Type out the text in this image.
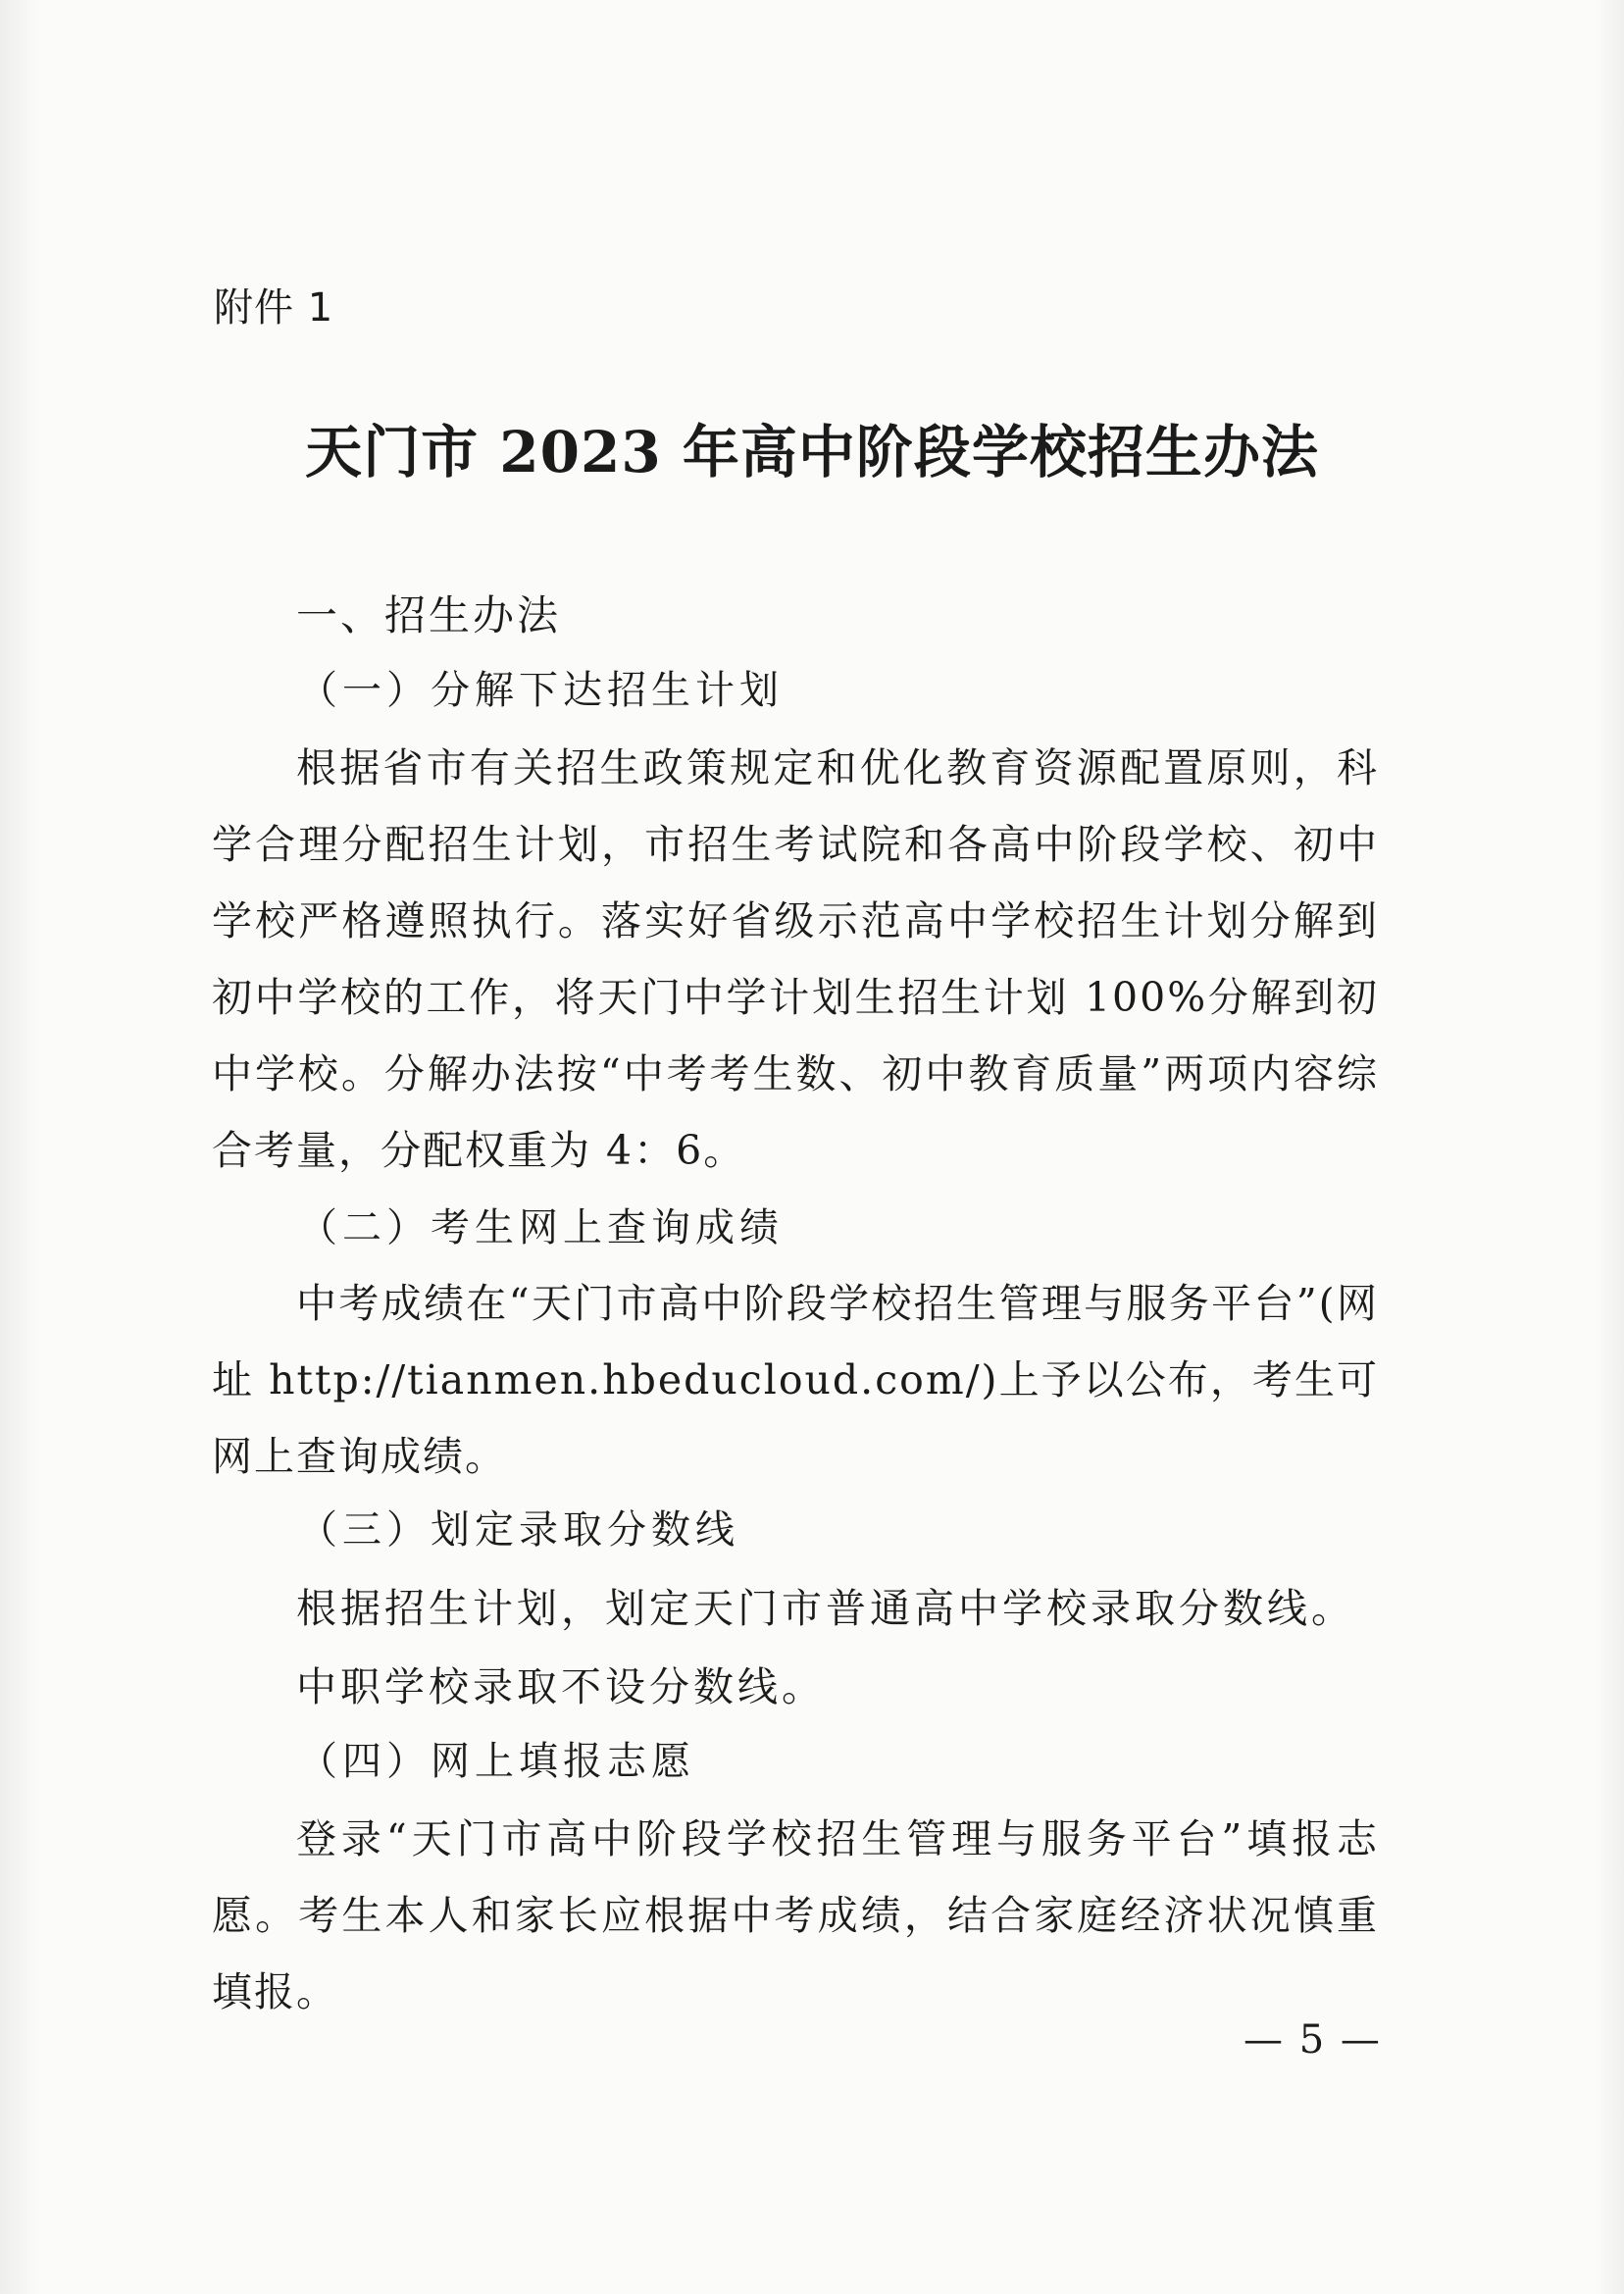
附件 1
天门市 2023 年高中阶段学校招生办法
一、招生办法
（一）分解下达招生计划

根据省市有关招生政策规定和优化教育资源配置原则，科学合理分配招生计划，市招生考试院和各高中阶段学校、初中学校严格遵照执行。落实好省级示范高中学校招生计划分解到初中学校的工作，将天门中学计划生招生计划 100%分解到初中学校。分解办法按“中考考生数、初中教育质量”两项内容综合考量，分配权重为 4：6。

（二）考生网上查询成绩

中考成绩在“天门市高中阶段学校招生管理与服务平台”(网址 http://tianmen.hbeducloud.com/)上予以公布，考生可网上查询成绩。

（三）划定录取分数线
根据招生计划，划定天门市普通高中学校录取分数线。
中职学校录取不设分数线。
（四）网上填报志愿

登录“天门市高中阶段学校招生管理与服务平台”填报志愿。考生本人和家长应根据中考成绩，结合家庭经济状况慎重填报。

— 5 —
